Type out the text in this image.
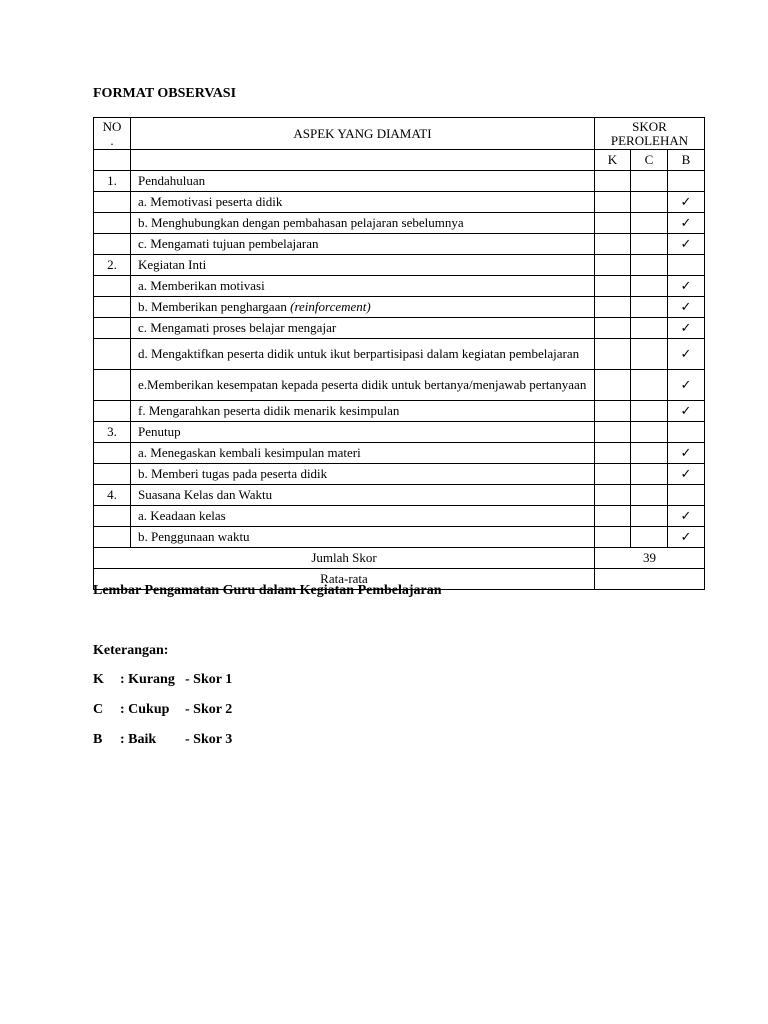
FORMAT OBSERVASI

NO
.	ASPEK YANG DIAMATI	SKOR PEROLEHAN		
		K	C	B
1.	Pendahuluan			
	a. Memotivasi peserta didik			✓
	b. Menghubungkan dengan pembahasan pelajaran sebelumnya			✓
	c. Mengamati tujuan pembelajaran			✓
2.	Kegiatan Inti			
	a. Memberikan motivasi			✓
	b. Memberikan penghargaan (reinforcement)			✓
	c. Mengamati proses belajar mengajar			✓
	d. Mengaktifkan peserta didik untuk ikut berpartisipasi dalam kegiatan pembelajaran			✓
	e.Memberikan kesempatan kepada peserta didik untuk bertanya/menjawab pertanyaan			✓
	f. Mengarahkan peserta didik menarik kesimpulan			✓
3.	Penutup			
	a. Menegaskan kembali kesimpulan materi			✓
	b. Memberi tugas pada peserta didik			✓
4.	Suasana Kelas dan Waktu			
	a. Keadaan kelas			✓
	b. Penggunaan waktu			✓
Jumlah Skor		39		
Rata-rata				

Lembar Pengamatan Guru dalam Kegiatan Pembelajaran

Keterangan:

K : Kurang - Skor 1
C : Cukup - Skor 2
B : Baik - Skor 3
